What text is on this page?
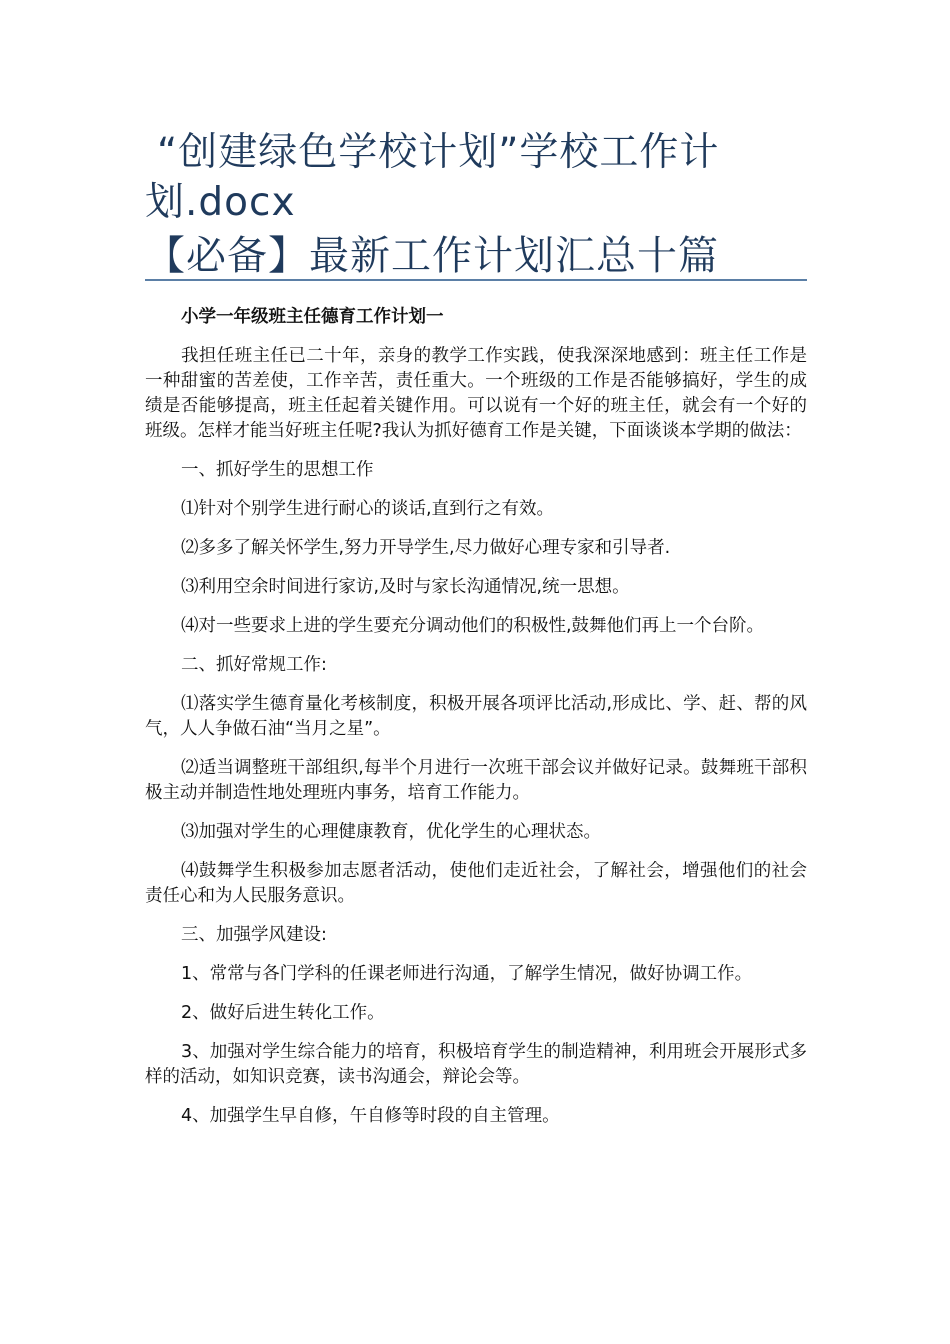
“创建绿色学校计划”学校工作计
划.docx
【必备】最新工作计划汇总十篇

小学一年级班主任德育工作计划一

我担任班主任已二十年，亲身的教学工作实践，使我深深地感到：班主任工作是一种甜蜜的苦差使，工作辛苦，责任重大。一个班级的工作是否能够搞好，学生的成绩是否能够提高，班主任起着关键作用。可以说有一个好的班主任，就会有一个好的班级。怎样才能当好班主任呢?我认为抓好德育工作是关键，下面谈谈本学期的做法：

一、抓好学生的思想工作

⑴针对个别学生进行耐心的谈话,直到行之有效。

⑵多多了解关怀学生,努力开导学生,尽力做好心理专家和引导者.

⑶利用空余时间进行家访,及时与家长沟通情况,统一思想。

⑷对一些要求上进的学生要充分调动他们的积极性,鼓舞他们再上一个台阶。

二、抓好常规工作:

⑴落实学生德育量化考核制度，积极开展各项评比活动,形成比、学、赶、帮的风气，人人争做石油“当月之星”。

⑵适当调整班干部组织,每半个月进行一次班干部会议并做好记录。鼓舞班干部积极主动并制造性地处理班内事务，培育工作能力。

⑶加强对学生的心理健康教育，优化学生的心理状态。

⑷鼓舞学生积极参加志愿者活动，使他们走近社会，了解社会，增强他们的社会责任心和为人民服务意识。

三、加强学风建设:

1、常常与各门学科的任课老师进行沟通，了解学生情况，做好协调工作。

2、做好后进生转化工作。

3、加强对学生综合能力的培育，积极培育学生的制造精神，利用班会开展形式多样的活动，如知识竞赛，读书沟通会，辩论会等。

4、加强学生早自修，午自修等时段的自主管理。
